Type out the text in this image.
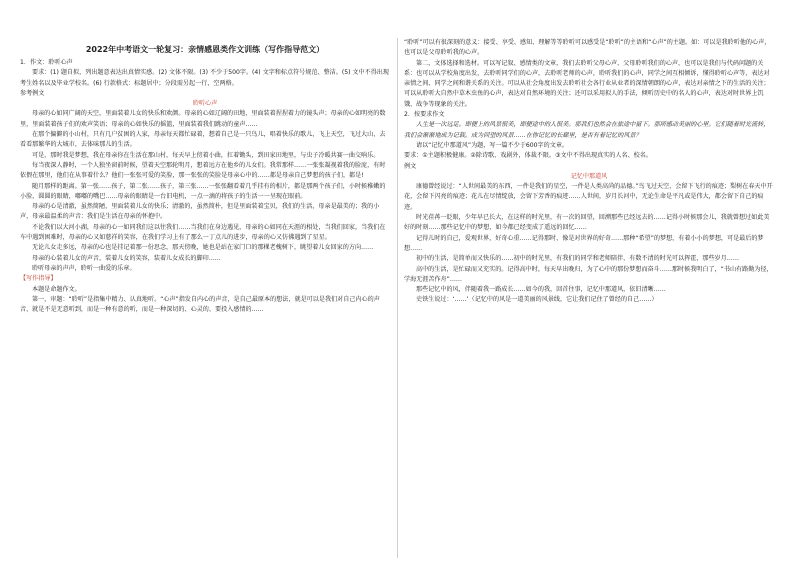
2022年中考语文一轮复习：亲情感恩类作文训练（写作指导范文）

1．作文：聆听心声

要求：(1) 题自拟，列出题意表达出真情实感。(2) 文体不限。(3) 不少于500字。(4) 文字和标点符号规范、整洁。(5) 文中不得出现考生姓名以及毕业学校名。(6) 行款格式：标题居中；分段需另起一行，空两格。

参考例文

聆听心声

母亲的心如同广阔的天空，里面装着儿女的快乐和欢颜。母亲的心如辽阔的田地，里面装着捏捏着力的镜头声；母亲的心如明亮的数里，里面装着孩子们的欢声笑语；母亲的心如快乐的摇篮，里面装着我们跳动的童声……

在那个偏僻的小山村，只有几户贫困的人家，母亲每天都忙碌着，想着自己是一只鸟儿，唱着快乐的歌儿，飞上天空，飞过大山，去看看那繁华的大城市，去体味那儿的生活。

可是，那时我是梦想，我在母亲你在生活在那山村，每天早上傍着小曲，扛着锄头，到田家田地里，与虫子冷暖共赛一曲交响乐。

每当夜深人静时，一个人独坐窗前时候，望着天空那轮明月，想着远方在他乡的儿女们。我常那样……一张张凝视着我的脸庞，有时依偎在那里，他们在从事着什么？他们一张张可爱的笑脸，那一张张的笑脸是母亲心中的……都是母亲自己梦想的孩子们，都是!

随月那样的距离。第一张……孩子，第二张……孩子，第三张……一张张翻看着几乎挂有的相片，都是那两个孩子们，小时候稚嫩的小脸，圆圆的眼睛，嘟嘟的嘴巴……母亲的眼睛是一台旧电机，一点一滴的将孩子的生活一一呈现在眼前。

母亲的心是清澈，虽然简陋，里面装着儿女的快乐；清澈的，虽然简朴，但是里面装着宝贝，我们的生活，母亲是最美的；我的小声，母亲最温柔的声音：我们是生活在母亲的怀抱中。

不论我们以大河小湖，母亲的心一如同我们这以往我们……当我们在身边遇见，母亲的心如同在天涯的相处，当我们回家，当我们在车中遇到困难时，母亲的心又如慈祥的笑容，在我们学习上有了那么一丁点儿的进步，母亲的心又仿佛遇到了星星。

无论儿女走多远，母亲的心也是挂记着那一份思念，那天傍晚，她也是站在家门口的那棵老槐树下，眺望着儿女回家的方向……

母亲的心装着儿女的声音，装着儿女的笑容，装着儿女成长的脚印……

聆听母亲的声声，聆听一曲爱的乐章。

【写作指导】

本题是命题作文。

第一，审题：“聆听”是指集中精力、认真地听。“心声”指发自内心的声音，是自己最原本的想法，就是可以是我们对自己内心的声音，就是不是无意听到，而是一种有意的听，而是一种深切的、心灵的、要投入感情的……

“聆听”可以有很深刻的意义：接受、享受、感知、理解等等聆听可以感受是“聆听”的主语和“心声”的主题。如：可以是我聆听他的心声，也可以是父母聆听我的心声。

第二，文体选择和选材。可以写记叙、感情类的文章，我们去聆听父母心声、父母聆听我们的心声，也可以是我们与代码问题的关系：也可以从学校角度出发，去聆听同学们的心声，去聆听老师的心声，聆听我们的心声，同学之间互相倾诉，懂得聆听心声等，表达对亲情之间、同学之间和谐关系的关注。可以从社会角度出发去聆听社会各行业从业者的深情朝朗的心声，表达对亲情之下的生活的关注；可以从聆听大自然中草木虫鱼的心声，表达对自然环境的关注；还可以采用拟人的手法，倾听历史中的名人的心声，表达对时世界上饥饿、战争等现象的关注。

2．按要求作文

人生是一次远足。即便上的风景很美，即便途中的人很美。那我们也然会在旅途中留下。那所感动美丽的心里。它们随着时光流转，我们会渐渐地成为记载。成为回望的风景……在你记忆的长廊里，是否有着记忆的风景？

请以“记忆中那道风”为题，写一篇不少于600字的文章。

要求：①主题积极健康。②除诗歌、戏剧外，体裁不限。③文中不得出现真实的人名、校名。

例文

记忆中那道风

康德曾经说过：“人世间最美的东西，一件是我们的星空，一件是人类高尚的品德。”鸟飞过天空，会留下飞行的痕迹；梨树在春天中开花，会留下闪亮的痕迹；花儿在尽情绽放，会留下芳香的痕迹……人世间，岁月长河中，无论生命是平凡或是伟大，都会留下自己的痕迹。

时光荏苒一眨眼，少年早已长大，在这样的时光里，有一次的回望，回溯那些已经远去的……记得小时候那会儿，我就曾想过如此美好的时刻……那些记忆中的梦想，如今都已经变成了遥远的回忆……

记得儿时的自己，爱观世界，好奇心重……记得那时，像是对世界的好奇……那种“希望”的梦想，有着小小的梦想，可是最后的梦想……

初中的生活，是简单而又快乐的……初中的时光里，有我们的同学和老师陪伴，有数不清的时光可以挥霍，那些岁月……

高中的生活，是忙碌而又充实的。记得高中时，每天早出晚归，为了心中的那份梦想而奋斗……那时候我明白了，“书山有路勤为径，学海无涯苦作舟”……

那些记忆中的风，伴随着我一路成长……如今的我，回首往事，记忆中那道风，依旧清晰……

史铁生说过：‘……’（记忆中的风是一道美丽的风景线，它让我们记住了曾经的自己……）
